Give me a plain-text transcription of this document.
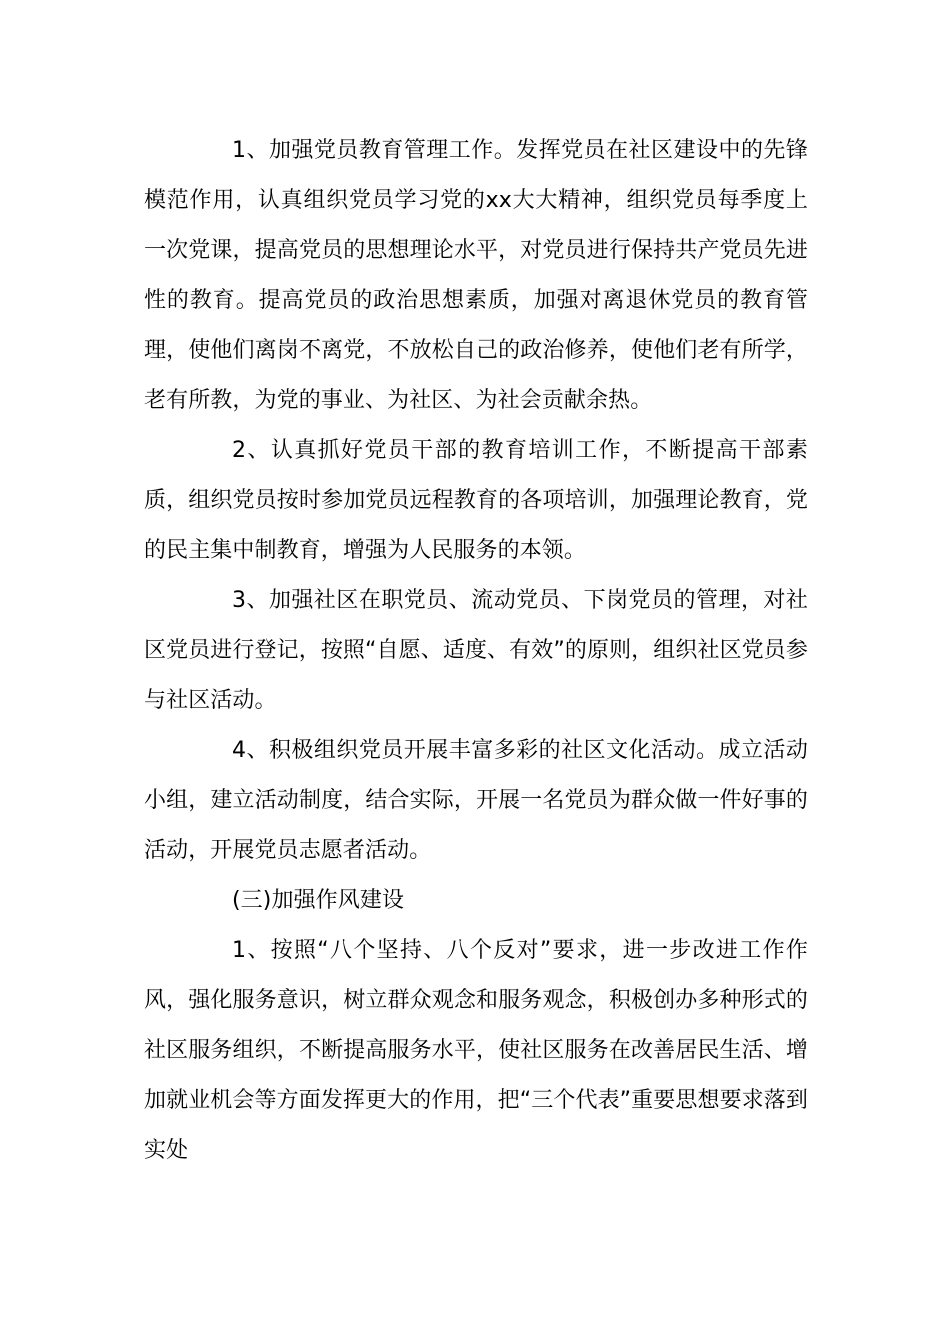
1、加强党员教育管理工作。发挥党员在社区建设中的先锋模范作用，认真组织党员学习党的xx大大精神，组织党员每季度上一次党课，提高党员的思想理论水平，对党员进行保持共产党员先进性的教育。提高党员的政治思想素质，加强对离退休党员的教育管理，使他们离岗不离党，不放松自己的政治修养，使他们老有所学，老有所教，为党的事业、为社区、为社会贡献余热。

2、认真抓好党员干部的教育培训工作，不断提高干部素质，组织党员按时参加党员远程教育的各项培训，加强理论教育，党的民主集中制教育，增强为人民服务的本领。

3、加强社区在职党员、流动党员、下岗党员的管理，对社区党员进行登记，按照“自愿、适度、有效”的原则，组织社区党员参与社区活动。

4、积极组织党员开展丰富多彩的社区文化活动。成立活动小组，建立活动制度，结合实际，开展一名党员为群众做一件好事的活动，开展党员志愿者活动。

(三)加强作风建设

1、按照“八个坚持、八个反对”要求，进一步改进工作作风，强化服务意识，树立群众观念和服务观念，积极创办多种形式的社区服务组织，不断提高服务水平，使社区服务在改善居民生活、增加就业机会等方面发挥更大的作用，把“三个代表”重要思想要求落到实处
